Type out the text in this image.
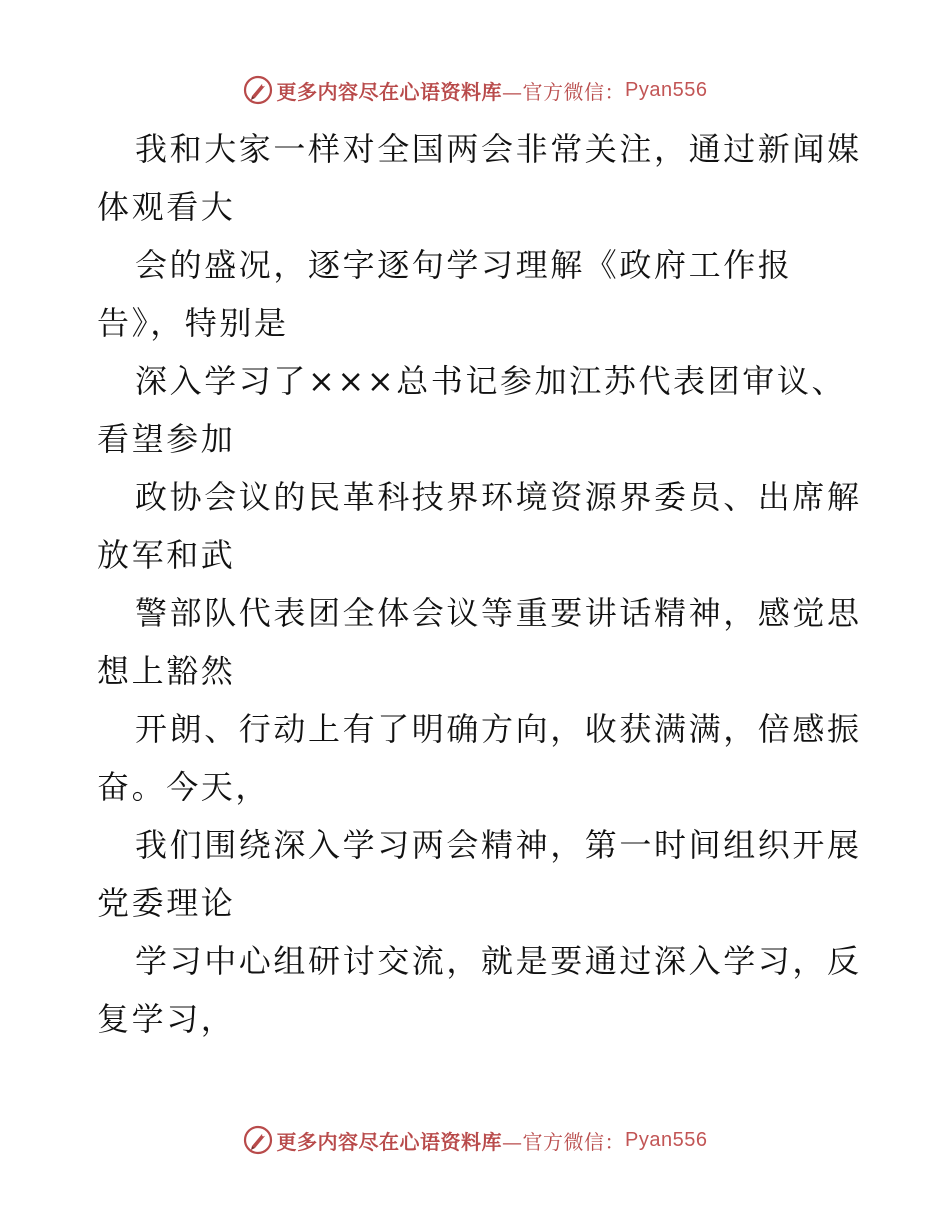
更多内容尽在心语资料库 —官方微信： Pyan556
我和大家一样对全国两会非常关注，通过新闻媒
体观看大
会的盛况，逐字逐句学习理解《政府工作报
告》，特别是
深入学习了×××总书记参加江苏代表团审议、
看望参加
政协会议的民革科技界环境资源界委员、出席解
放军和武
警部队代表团全体会议等重要讲话精神，感觉思
想上豁然
开朗、行动上有了明确方向，收获满满，倍感振
奋。今天，
我们围绕深入学习两会精神，第一时间组织开展
党委理论
学习中心组研讨交流，就是要通过深入学习，反
复学习，
更多内容尽在心语资料库 —官方微信： Pyan556
